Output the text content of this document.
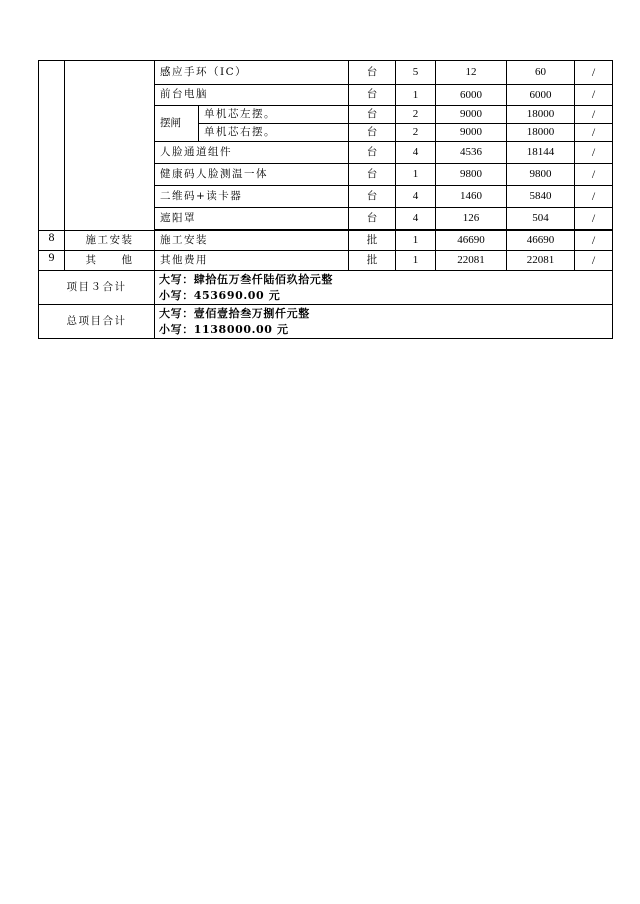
		感应手环（IC）		台	5	12	60	/
		前台电脑		台	1	6000	6000	/
		摆闸	单机芯左摆。	台	2	9000	18000	/
			单机芯右摆。	台	2	9000	18000	/
		人脸通道组件		台	4	4536	18144	/
		健康码人脸测温一体		台	1	9800	9800	/
		二维码+读卡器		台	4	1460	5840	/
		遮阳罩		台	4	126	504	/

8	施工安装	施工安装		批	1	46690	46690	/
9	其　　他	其他费用		批	1	22081	22081	/
项目３合计		大写：肆拾伍万叁仟陆佰玖拾元整
小写：453690.00 元						

总项目合计		大写：壹佰壹拾叁万捌仟元整
小写：1138000.00 元						
